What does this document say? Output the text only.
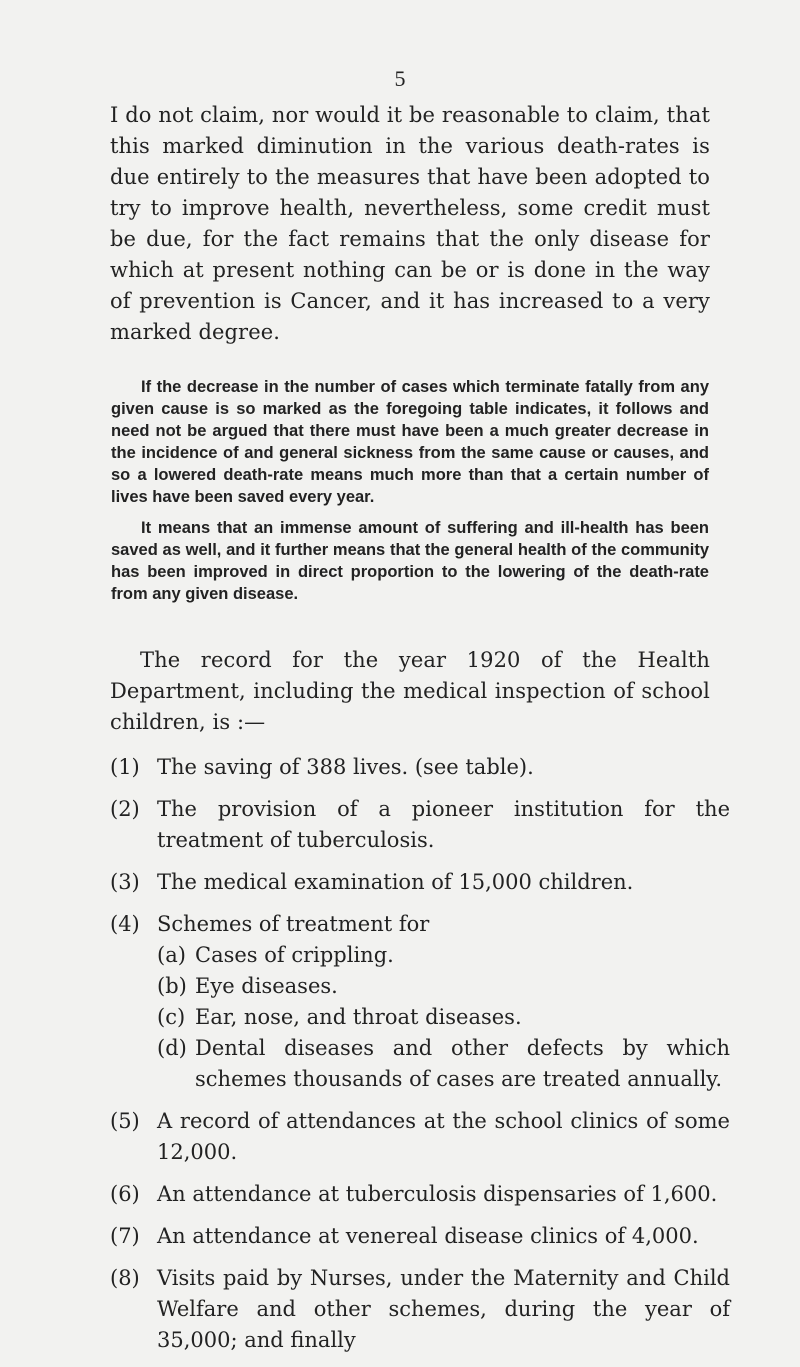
5

I do not claim, nor would it be reasonable to claim, that this marked diminution in the various death-rates is due entirely to the measures that have been adopted to try to improve health, nevertheless, some credit must be due, for the fact remains that the only disease for which at present nothing can be or is done in the way of prevention is Cancer, and it has increased to a very marked degree.

If the decrease in the number of cases which terminate fatally from any given cause is so marked as the foregoing table indicates, it follows and need not be argued that there must have been a much greater decrease in the incidence of and general sickness from the same cause or causes, and so a lowered death-rate means much more than that a certain number of lives have been saved every year.

It means that an immense amount of suffering and ill-health has been saved as well, and it further means that the general health of the community has been improved in direct proportion to the lowering of the death-rate from any given disease.

The record for the year 1920 of the Health Department, including the medical inspection of school children, is :—

(1) The saving of 388 lives. (see table).
(2) The provision of a pioneer institution for the treatment of tuberculosis.
(3) The medical examination of 15,000 children.
(4) Schemes of treatment for
(a) Cases of crippling.
(b) Eye diseases.
(c) Ear, nose, and throat diseases.
(d) Dental diseases and other defects by which schemes thousands of cases are treated annually.
(5) A record of attendances at the school clinics of some 12,000.
(6) An attendance at tuberculosis dispensaries of 1,600.
(7) An attendance at venereal disease clinics of 4,000.
(8) Visits paid by Nurses, under the Maternity and Child Welfare and other schemes, during the year of 35,000; and finally
